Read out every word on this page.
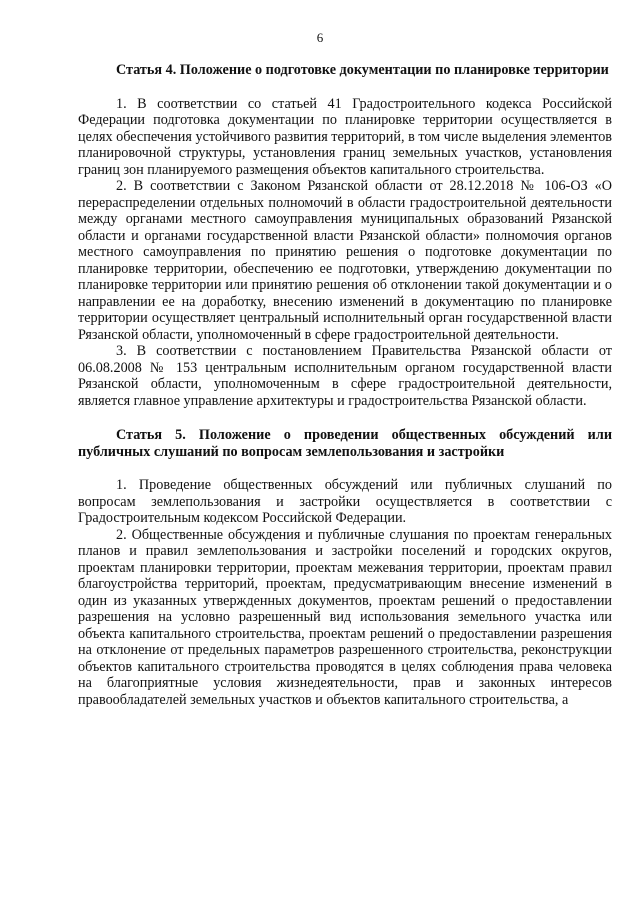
6

Статья 4. Положение о подготовке документации по планировке территории

1. В соответствии со статьей 41 Градостроительного кодекса Российской Федерации подготовка документации по планировке территории осуществляется в целях обеспечения устойчивого развития территорий, в том числе выделения элементов планировочной структуры, установления границ земельных участков, установления границ зон планируемого размещения объектов капитального строительства.

2. В соответствии с Законом Рязанской области от 28.12.2018 № 106-ОЗ «О перераспределении отдельных полномочий в области градостроительной деятельности между органами местного самоуправления муниципальных образований Рязанской области и органами государственной власти Рязанской области» полномочия органов местного самоуправления по принятию решения о подготовке документации по планировке территории, обеспечению ее подготовки, утверждению документации по планировке территории или принятию решения об отклонении такой документации и о направлении ее на доработку, внесению изменений в документацию по планировке территории осуществляет центральный исполнительный орган государственной власти Рязанской области, уполномоченный в сфере градостроительной деятельности.

3. В соответствии с постановлением Правительства Рязанской области от 06.08.2008 № 153 центральным исполнительным органом государственной власти Рязанской области, уполномоченным в сфере градостроительной деятельности, является главное управление архитектуры и градостроительства Рязанской области.

Статья 5. Положение о проведении общественных обсуждений или публичных слушаний по вопросам землепользования и застройки

1. Проведение общественных обсуждений или публичных слушаний по вопросам землепользования и застройки осуществляется в соответствии с Градостроительным кодексом Российской Федерации.

2. Общественные обсуждения и публичные слушания по проектам генеральных планов и правил землепользования и застройки поселений и городских округов, проектам планировки территории, проектам межевания территории, проектам правил благоустройства территорий, проектам, предусматривающим внесение изменений в один из указанных утвержденных документов, проектам решений о предоставлении разрешения на условно разрешенный вид использования земельного участка или объекта капитального строительства, проектам решений о предоставлении разрешения на отклонение от предельных параметров разрешенного строительства, реконструкции объектов капитального строительства проводятся в целях соблюдения права человека на благоприятные условия жизнедеятельности, прав и законных интересов правообладателей земельных участков и объектов капитального строительства, а
